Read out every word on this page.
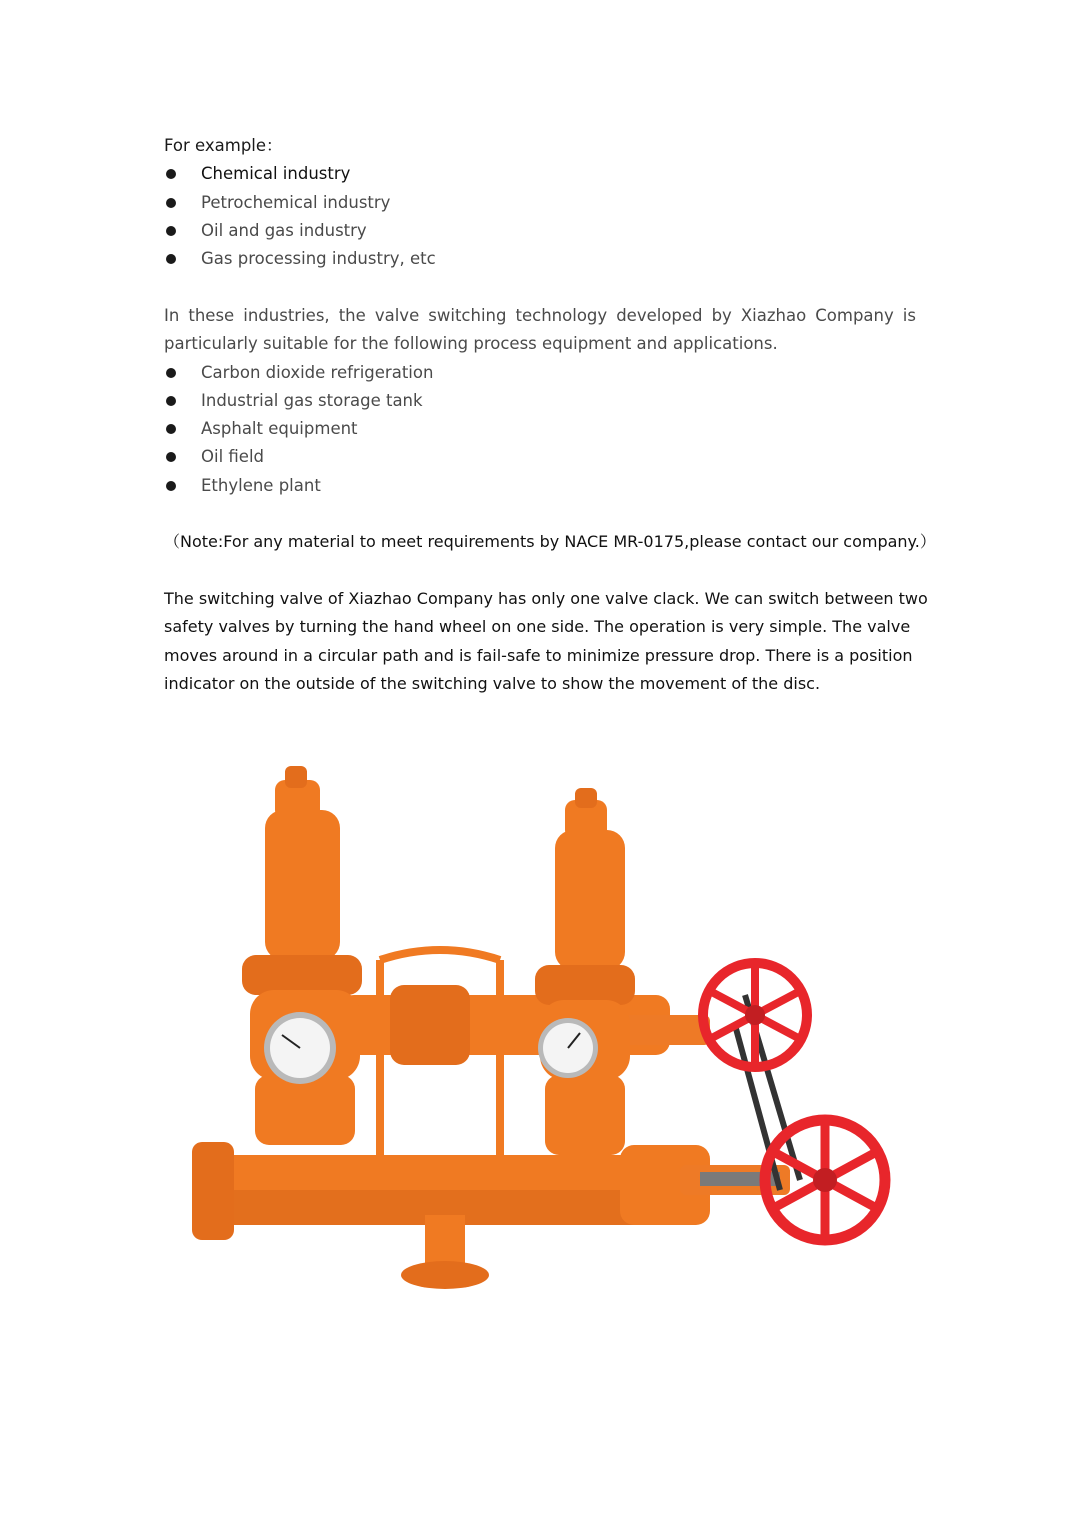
For example：
Chemical industry
Petrochemical industry
Oil and gas industry
Gas processing industry, etc
In these industries, the valve switching technology developed by Xiazhao Company is particularly suitable for the following process equipment and applications.
Carbon dioxide refrigeration
Industrial gas storage tank
Asphalt equipment
Oil field
Ethylene plant
（Note:For any material to meet requirements by NACE MR-0175,please contact our company.）
The switching valve of Xiazhao Company has only one valve clack. We can switch between two
safety valves by turning the hand wheel on one side. The operation is very simple. The valve
moves around in a circular path and is fail-safe to minimize pressure drop. There is a position
indicator on the outside of the switching valve to show the movement of the disc.
